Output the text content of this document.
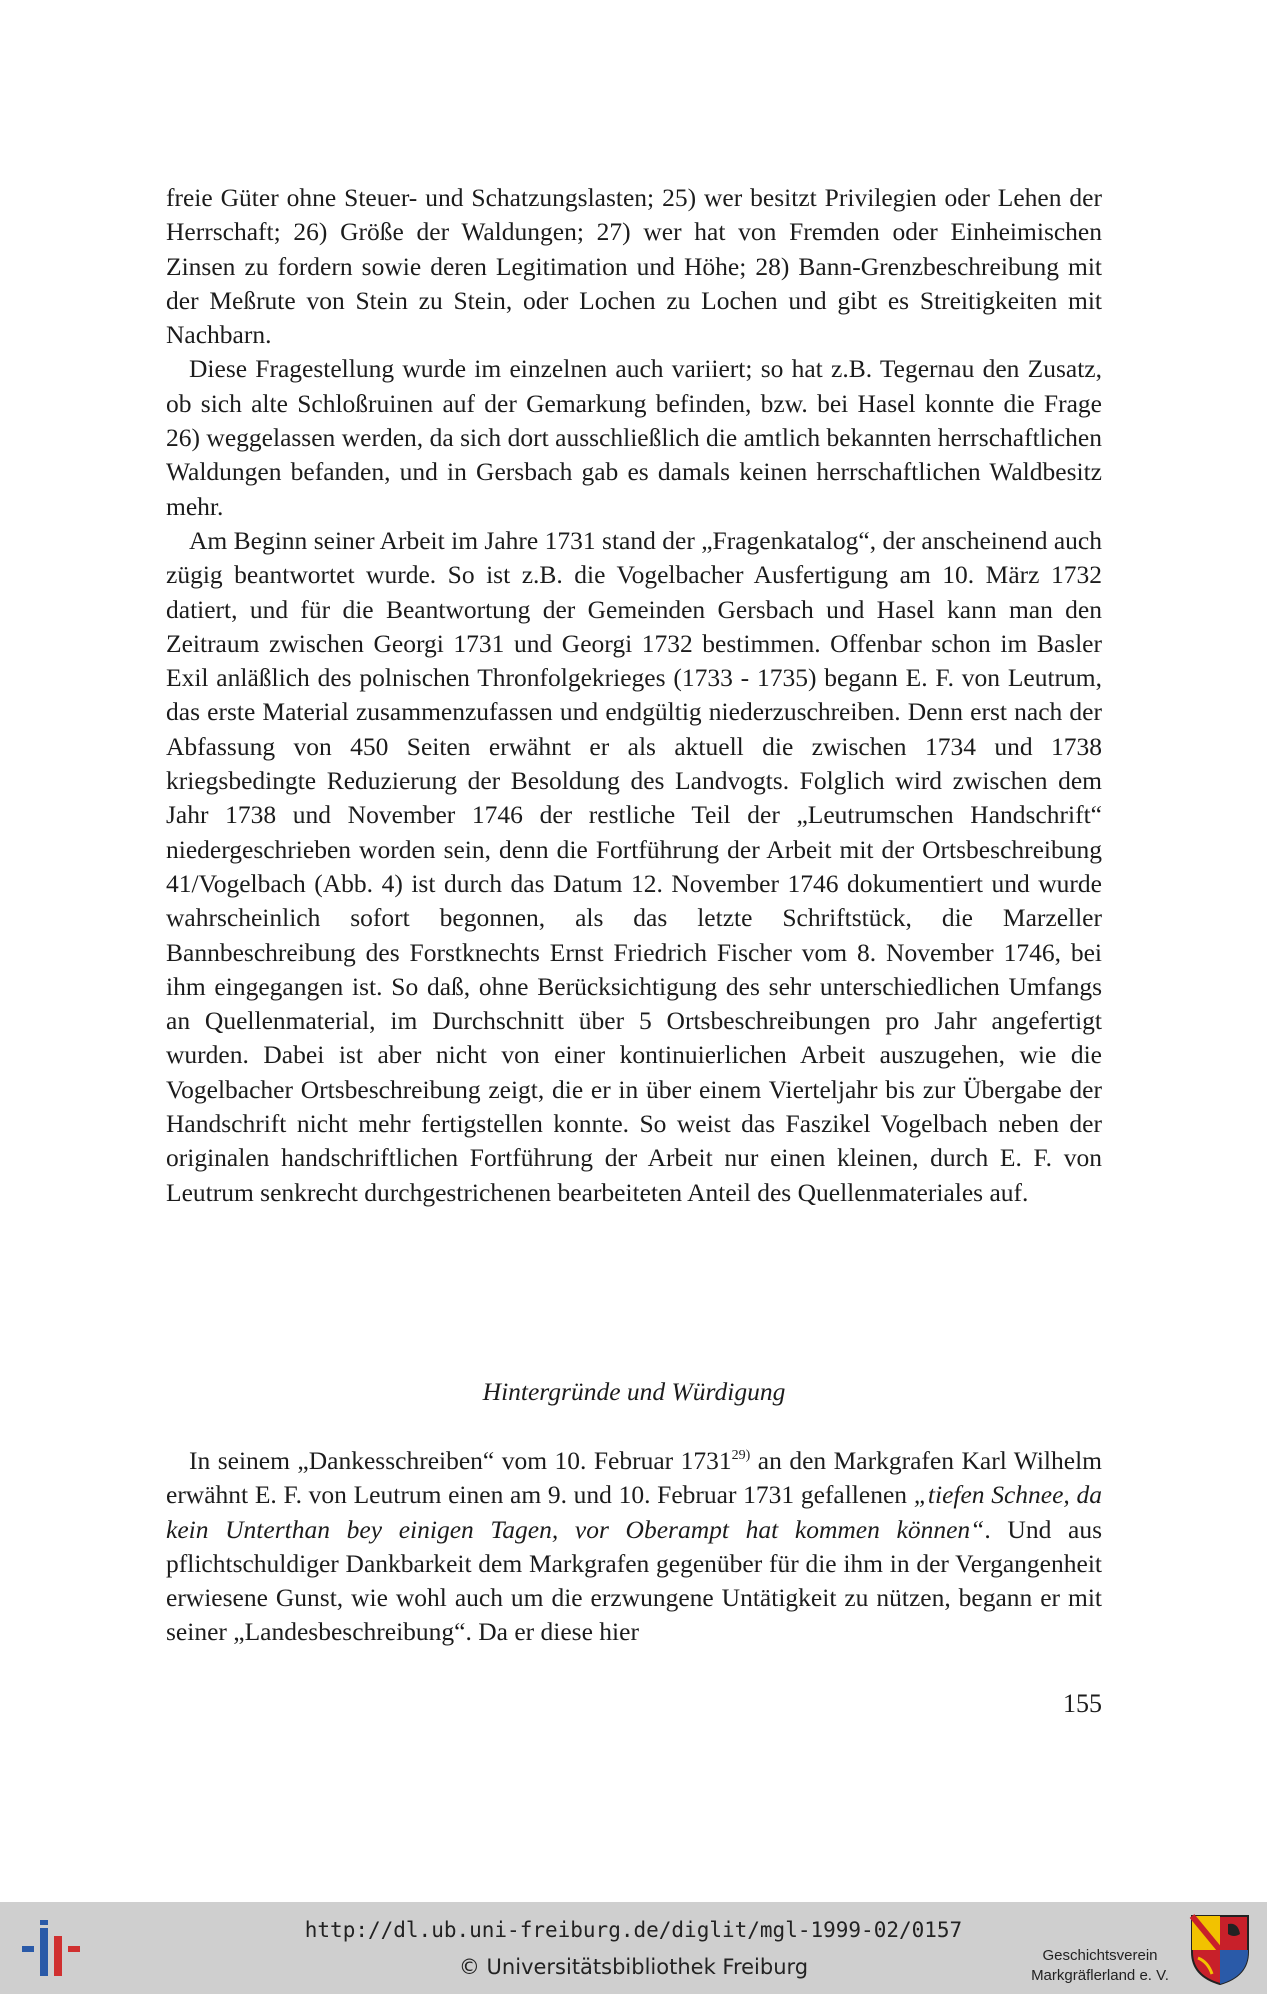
freie Güter ohne Steuer- und Schatzungslasten; 25) wer besitzt Privilegien oder Lehen der Herrschaft; 26) Größe der Waldungen; 27) wer hat von Fremden oder Einheimischen Zinsen zu fordern sowie deren Legitimation und Höhe; 28) Bann-Grenzbeschreibung mit der Meßrute von Stein zu Stein, oder Lochen zu Lochen und gibt es Streitigkeiten mit Nachbarn.

Diese Fragestellung wurde im einzelnen auch variiert; so hat z.B. Tegernau den Zusatz, ob sich alte Schloßruinen auf der Gemarkung befinden, bzw. bei Hasel konnte die Frage 26) weggelassen werden, da sich dort ausschließlich die amtlich bekannten herrschaftlichen Waldungen befanden, und in Gersbach gab es damals keinen herrschaftlichen Waldbesitz mehr.

Am Beginn seiner Arbeit im Jahre 1731 stand der „Fragenkatalog“, der anscheinend auch zügig beantwortet wurde. So ist z.B. die Vogelbacher Ausfertigung am 10. März 1732 datiert, und für die Beantwortung der Gemeinden Gersbach und Hasel kann man den Zeitraum zwischen Georgi 1731 und Georgi 1732 bestimmen. Offenbar schon im Basler Exil anläßlich des polnischen Thronfolgekrieges (1733 - 1735) begann E. F. von Leutrum, das erste Material zusammenzufassen und endgültig niederzuschreiben. Denn erst nach der Abfassung von 450 Seiten erwähnt er als aktuell die zwischen 1734 und 1738 kriegsbedingte Reduzierung der Besoldung des Landvogts. Folglich wird zwischen dem Jahr 1738 und November 1746 der restliche Teil der „Leutrumschen Handschrift“ niedergeschrieben worden sein, denn die Fortführung der Arbeit mit der Ortsbeschreibung 41/Vogelbach (Abb. 4) ist durch das Datum 12. November 1746 dokumentiert und wurde wahrscheinlich sofort begonnen, als das letzte Schriftstück, die Marzeller Bannbeschreibung des Forstknechts Ernst Friedrich Fischer vom 8. November 1746, bei ihm eingegangen ist. So daß, ohne Berücksichtigung des sehr unterschiedlichen Umfangs an Quellenmaterial, im Durchschnitt über 5 Ortsbeschreibungen pro Jahr angefertigt wurden. Dabei ist aber nicht von einer kontinuierlichen Arbeit auszugehen, wie die Vogelbacher Ortsbeschreibung zeigt, die er in über einem Vierteljahr bis zur Übergabe der Handschrift nicht mehr fertigstellen konnte. So weist das Faszikel Vogelbach neben der originalen handschriftlichen Fortführung der Arbeit nur einen kleinen, durch E. F. von Leutrum senkrecht durchgestrichenen bearbeiteten Anteil des Quellenmateriales auf.

Hintergründe und Würdigung

In seinem „Dankesschreiben“ vom 10. Februar 1731$^{29)}$ an den Markgrafen Karl Wilhelm erwähnt E. F. von Leutrum einen am 9. und 10. Februar 1731 gefallenen „tiefen Schnee, da kein Unterthan bey einigen Tagen, vor Oberampt hat kommen können“. Und aus pflichtschuldiger Dankbarkeit dem Markgrafen gegenüber für die ihm in der Vergangenheit erwiesene Gunst, wie wohl auch um die erzwungene Untätigkeit zu nützen, begann er mit seiner „Landesbeschreibung“. Da er diese hier

155
http://dl.ub.uni-freiburg.de/diglit/mgl-1999-02/0157
© Universitätsbibliothek Freiburg	Geschichtsverein
Markgräflerland e. V.
